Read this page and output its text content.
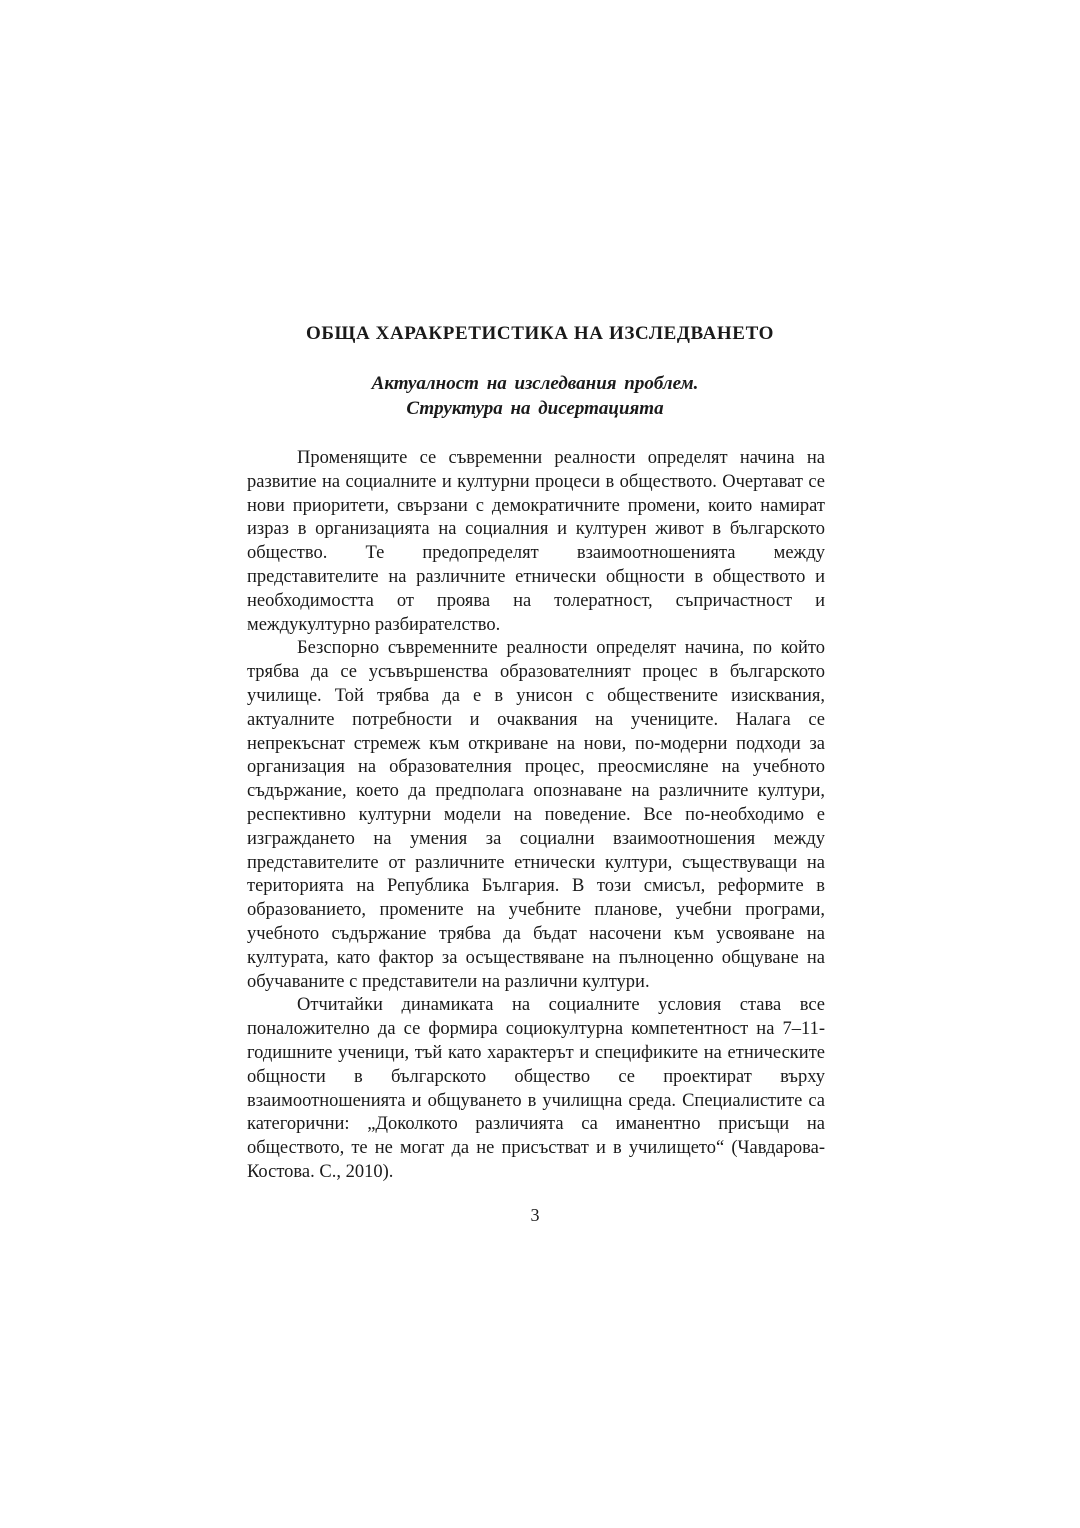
ОБЩА ХАРАКРЕТИСТИКА НА ИЗСЛЕДВАНЕТО
Актуалност на изследвания проблем.
Структура на дисертацията

Променящите се съвременни реалности определят начина на развитие на социалните и културни процеси в обществото. Очертават се нови приоритети, свързани с демократичните промени, които намират израз в организацията на социалния и културен живот в българското общество. Те предопределят взаимоотношенията между представителите на различните етнически общности в обществото и необходимостта от проява на толератност, съпричастност и междукултурно разбирателство.

Безспорно съвременните реалности определят начина, по който трябва да се усъвършенства образователният процес в българското училище. Той трябва да е в унисон с обществените изисквания, актуалните потребности и очаквания на учениците. Налага се непрекъснат стремеж към откриване на нови, по-модерни подходи за организация на образователния процес, преосмисляне на учебното съдържание, което да предполага опознаване на различните култури, респективно културни модели на поведение. Все по-необходимо е изграждането на умения за социални взаимоотношения между представителите от различните етнически култури, съществуващи на територията на Република България. В този смисъл, реформите в образованието, промените на учебните планове, учебни програми, учебното съдържание трябва да бъдат насочени към усвояване на културата, като фактор за осъществяване на пълноценно общуване на обучаваните с представители на различни култури.

Отчитайки динамиката на социалните условия става все поналожително да се формира социокултурна компетентност на 7–11-годишните ученици, тъй като характерът и спецификите на етническите общности в българското общество се проектират върху взаимоотношенията и общуването в училищна среда. Специалистите са категорични: „Доколкото различията са иманентно присъщи на обществото, те не могат да не присъстват и в училището“ (Чавдарова-Костова. С., 2010).

3
